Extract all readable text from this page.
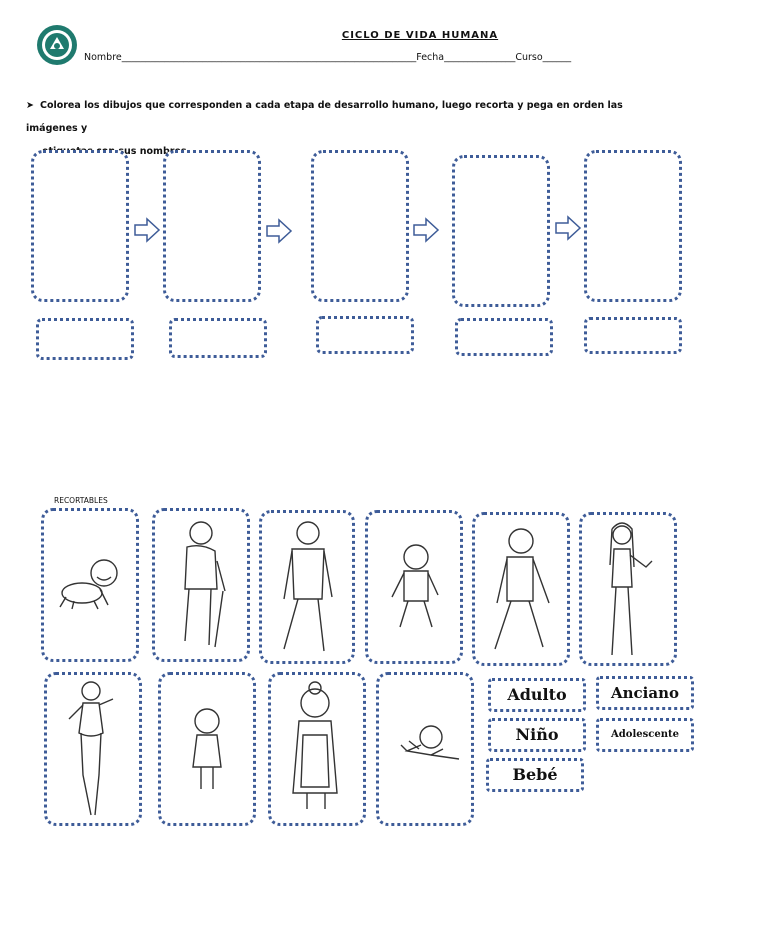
CICLO DE VIDA HUMANA
Nombre______________________________________________________________Fecha_______________Curso______
➤ Colorea los dibujos que corresponden a cada etapa de desarrollo humano, luego recorta y pega en orden las imágenes y
sus nombres.
RECORTABLES
Adulto	Anciano
Niño	Adolescente
Bebé
